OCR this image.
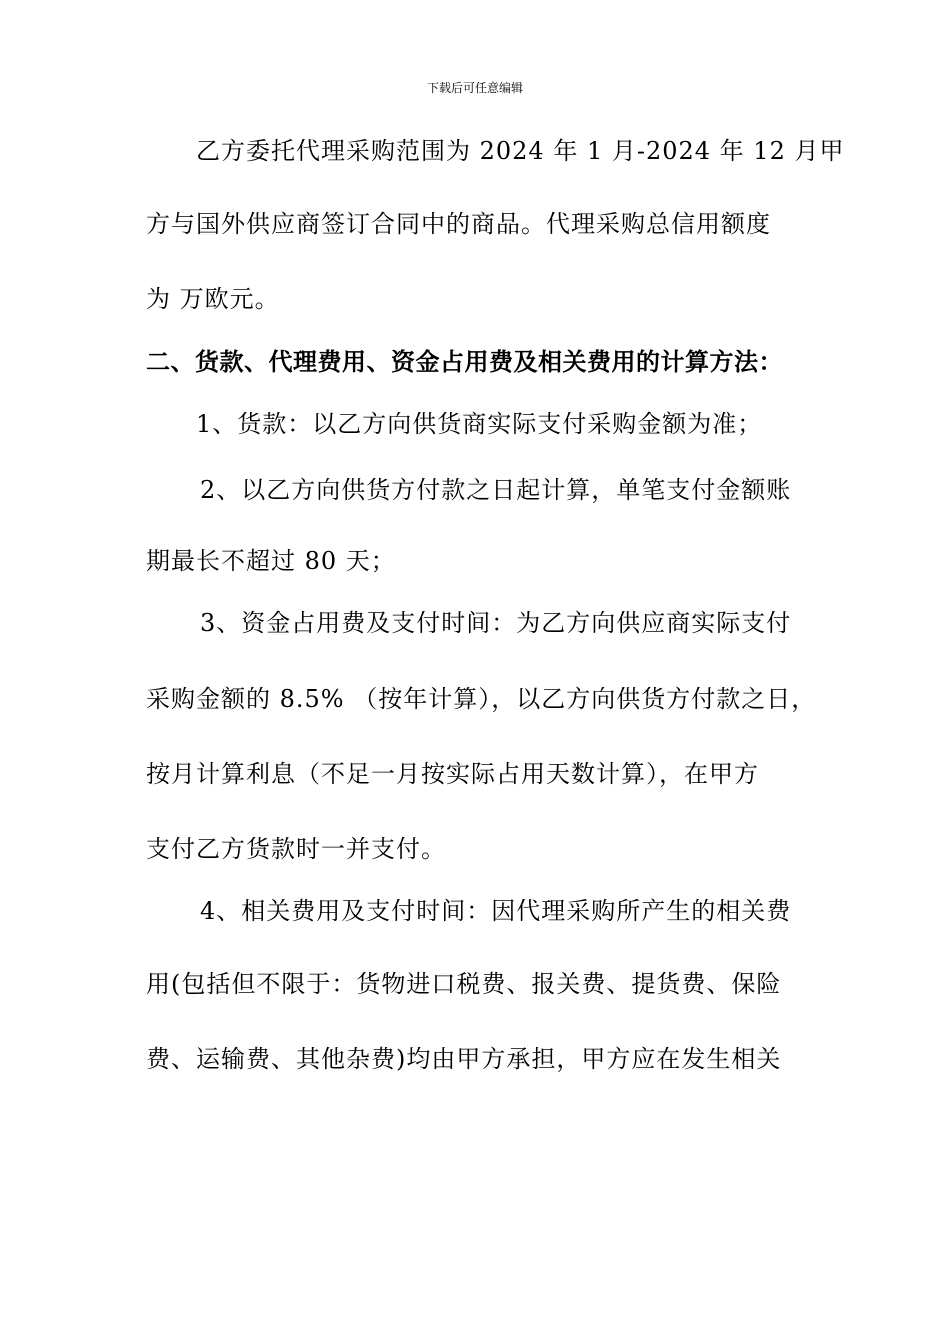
下载后可任意编辑
乙方委托代理采购范围为 2024 年 1 月-2024 年 12 月甲
方与国外供应商签订合同中的商品。代理采购总信用额度
为 万欧元。
二、货款、代理费用、资金占用费及相关费用的计算方法：
1、货款：以乙方向供货商实际支付采购金额为准；
2、以乙方向供货方付款之日起计算，单笔支付金额账
期最长不超过 80 天；
3、资金占用费及支付时间：为乙方向供应商实际支付
采购金额的 8.5% （按年计算），以乙方向供货方付款之日，
按月计算利息（不足一月按实际占用天数计算），在甲方
支付乙方货款时一并支付。
4、相关费用及支付时间：因代理采购所产生的相关费
用(包括但不限于：货物进口税费、报关费、提货费、保险
费、运输费、其他杂费)均由甲方承担，甲方应在发生相关
